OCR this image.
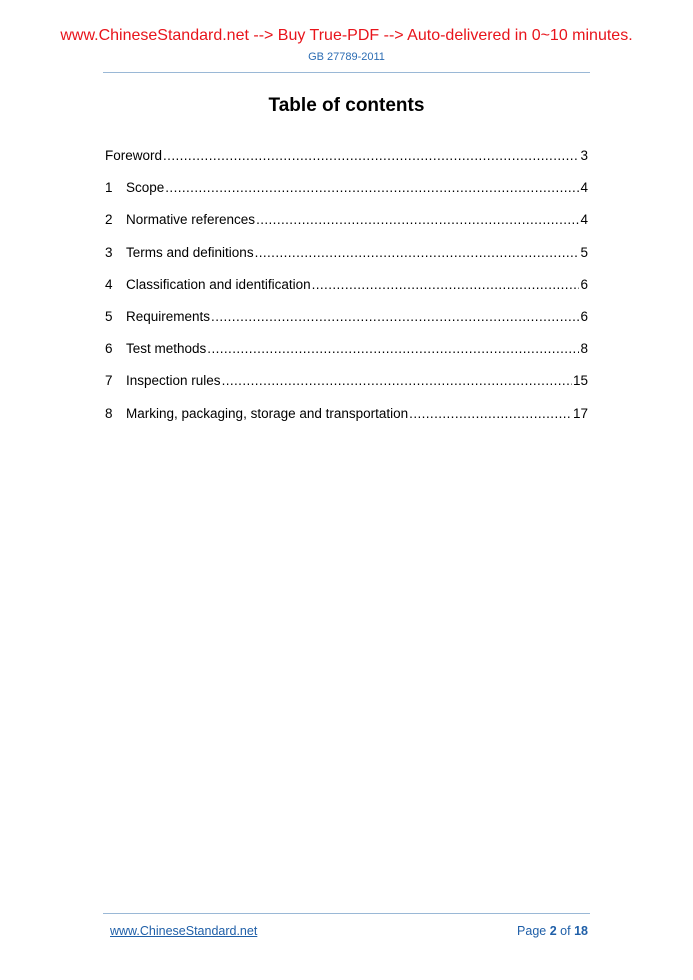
www.ChineseStandard.net --> Buy True-PDF --> Auto-delivered in 0~10 minutes.
GB 27789-2011
Table of contents
Foreword .....	3
1 Scope .....	4
2 Normative references .....	4
3 Terms and definitions .....	5
4 Classification and identification .....	6
5 Requirements .....	6
6 Test methods .....	8
7 Inspection rules .....	15
8 Marking, packaging, storage and transportation .....	17
www.ChineseStandard.net	Page 2 of 18
